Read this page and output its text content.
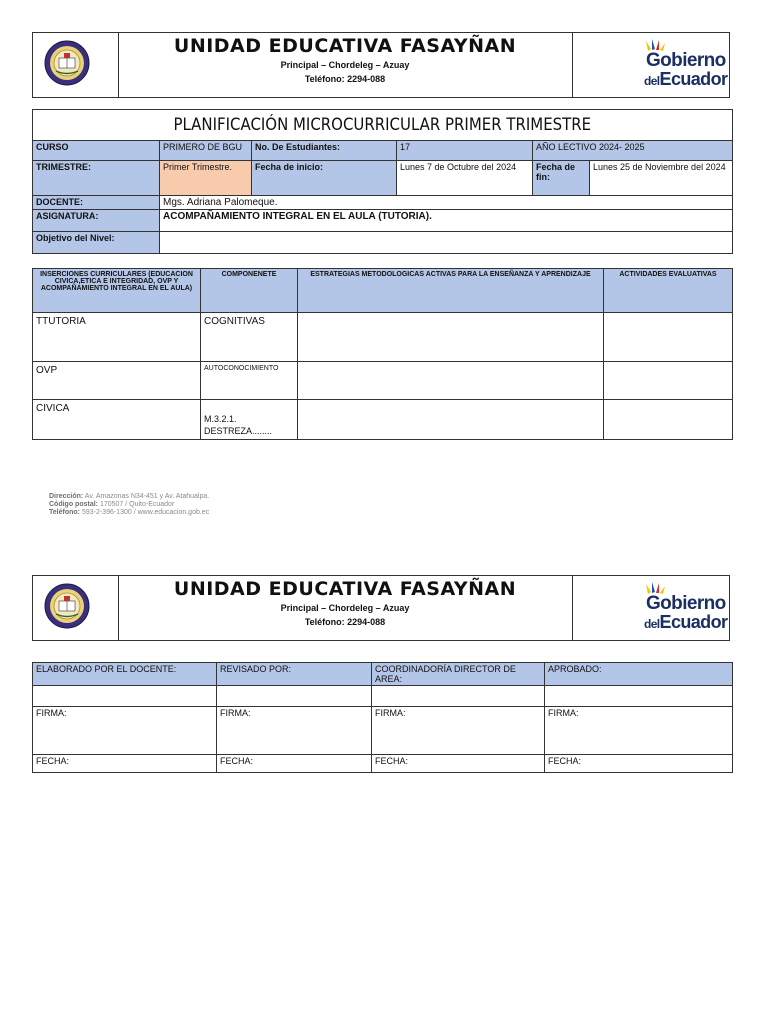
UNIDAD EDUCATIVA FASAYÑAN
Principal – Chordeleg – Azuay
Teléfono: 2294-088
Gobierno
delEcuador
PLANIFICACIÓN MICROCURRICULAR PRIMER TRIMESTRE					
CURSO	PRIMERO DE BGU	No. De Estudiantes:	17	AÑO LECTIVO 2024- 2025	
TRIMESTRE:	Primer Trimestre.	Fecha de inicio:	Lunes 7 de Octubre del 2024	Fecha de fin:	Lunes 25 de Noviembre del 2024
DOCENTE:	Mgs. Adriana Palomeque.				
ASIGNATURA:	ACOMPAÑAMIENTO INTEGRAL EN EL AULA (TUTORIA).				
Objetivo del Nivel:					
INSERCIONES CURRICULARES (EDUCACION CIVICA,ETICA E INTEGRIDAD, OVP Y ACOMPAÑAMIENTO INTEGRAL EN EL AULA)	COMPONENETE	ESTRATEGIAS METODOLOGICAS ACTIVAS PARA LA ENSEÑANZA Y APRENDIZAJE	ACTIVIDADES EVALUATIVAS
TTUTORIA	COGNITIVAS		
OVP	AUTOCONOCIMIENTO		
CIVICA	M.3.2.1. DESTREZA........		
Dirección: Av. Amazonas N34-451 y Av. Atahualpa.
Código postal: 170507 / Quito-Ecuador
Teléfono: 593-2-396-1300 / www.educacion.gob.ec
UNIDAD EDUCATIVA FASAYÑAN
Principal – Chordeleg – Azuay
Teléfono: 2294-088
Gobierno
delEcuador
ELABORADO POR EL DOCENTE:	REVISADO POR:	COORDINADORÍA DIRECTOR DE AREA:	APROBADO:

FIRMA:	FIRMA:	FIRMA:	FIRMA:
FECHA:	FECHA:	FECHA:	FECHA:
